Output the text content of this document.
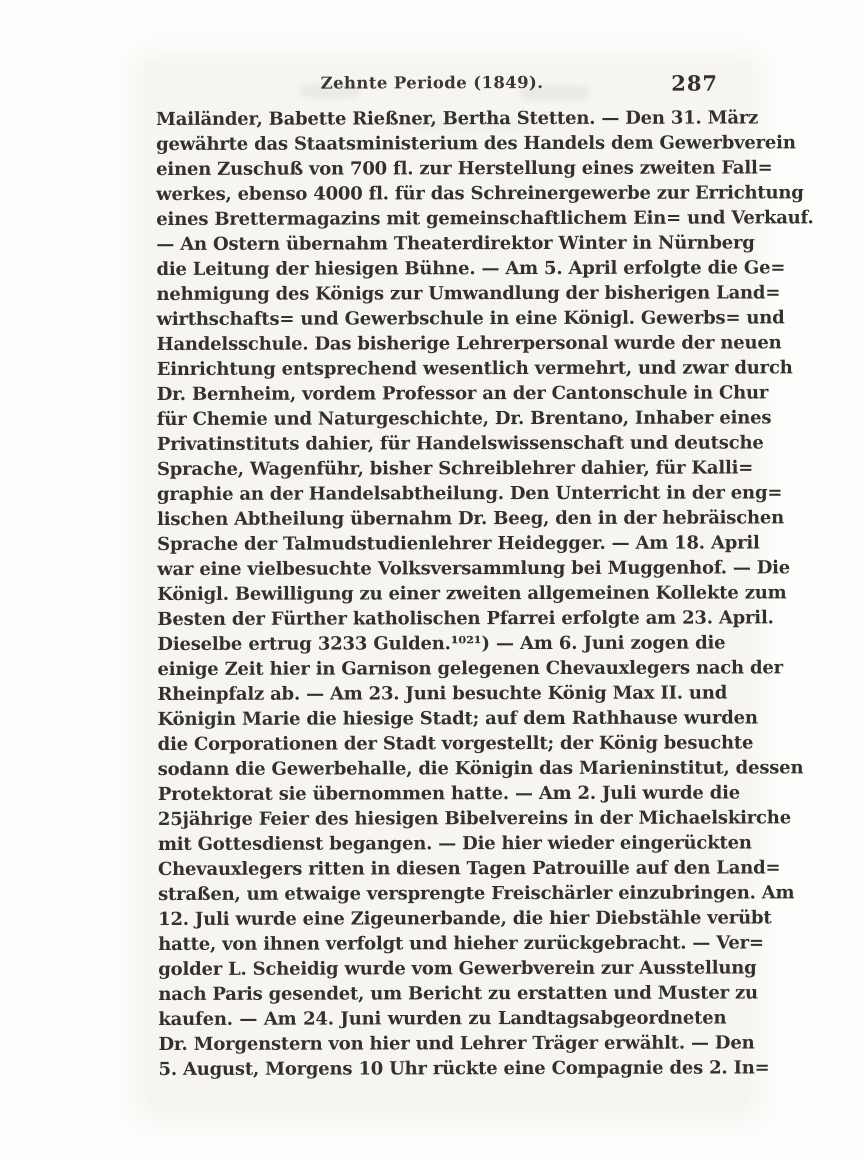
Zehnte Periode (1849).	287
Mailänder, Babette Rießner, Bertha Stetten. — Den 31. März
gewährte das Staatsministerium des Handels dem Gewerbverein
einen Zuschuß von 700 fl. zur Herstellung eines zweiten Fall=
werkes, ebenso 4000 fl. für das Schreinergewerbe zur Errichtung
eines Brettermagazins mit gemeinschaftlichem Ein= und Verkauf.
— An Ostern übernahm Theaterdirektor Winter in Nürnberg
die Leitung der hiesigen Bühne. — Am 5. April erfolgte die Ge=
nehmigung des Königs zur Umwandlung der bisherigen Land=
wirthschafts= und Gewerbschule in eine Königl. Gewerbs= und
Handelsschule. Das bisherige Lehrerpersonal wurde der neuen
Einrichtung entsprechend wesentlich vermehrt, und zwar durch
Dr. Bernheim, vordem Professor an der Cantonschule in Chur
für Chemie und Naturgeschichte, Dr. Brentano, Inhaber eines
Privatinstituts dahier, für Handelswissenschaft und deutsche
Sprache, Wagenführ, bisher Schreiblehrer dahier, für Kalli=
graphie an der Handelsabtheilung. Den Unterricht in der eng=
lischen Abtheilung übernahm Dr. Beeg, den in der hebräischen
Sprache der Talmudstudienlehrer Heidegger. — Am 18. April
war eine vielbesuchte Volksversammlung bei Muggenhof. — Die
Königl. Bewilligung zu einer zweiten allgemeinen Kollekte zum
Besten der Fürther katholischen Pfarrei erfolgte am 23. April.
Dieselbe ertrug 3233 Gulden.¹⁰²¹) — Am 6. Juni zogen die
einige Zeit hier in Garnison gelegenen Chevauxlegers nach der
Rheinpfalz ab. — Am 23. Juni besuchte König Max II. und
Königin Marie die hiesige Stadt; auf dem Rathhause wurden
die Corporationen der Stadt vorgestellt; der König besuchte
sodann die Gewerbehalle, die Königin das Marieninstitut, dessen
Protektorat sie übernommen hatte. — Am 2. Juli wurde die
25jährige Feier des hiesigen Bibelvereins in der Michaelskirche
mit Gottesdienst begangen. — Die hier wieder eingerückten
Chevauxlegers ritten in diesen Tagen Patrouille auf den Land=
straßen, um etwaige versprengte Freischärler einzubringen. Am
12. Juli wurde eine Zigeunerbande, die hier Diebstähle verübt
hatte, von ihnen verfolgt und hieher zurückgebracht. — Ver=
golder L. Scheidig wurde vom Gewerbverein zur Ausstellung
nach Paris gesendet, um Bericht zu erstatten und Muster zu
kaufen. — Am 24. Juni wurden zu Landtagsabgeordneten
Dr. Morgenstern von hier und Lehrer Träger erwählt. — Den
5. August, Morgens 10 Uhr rückte eine Compagnie des 2. In=
